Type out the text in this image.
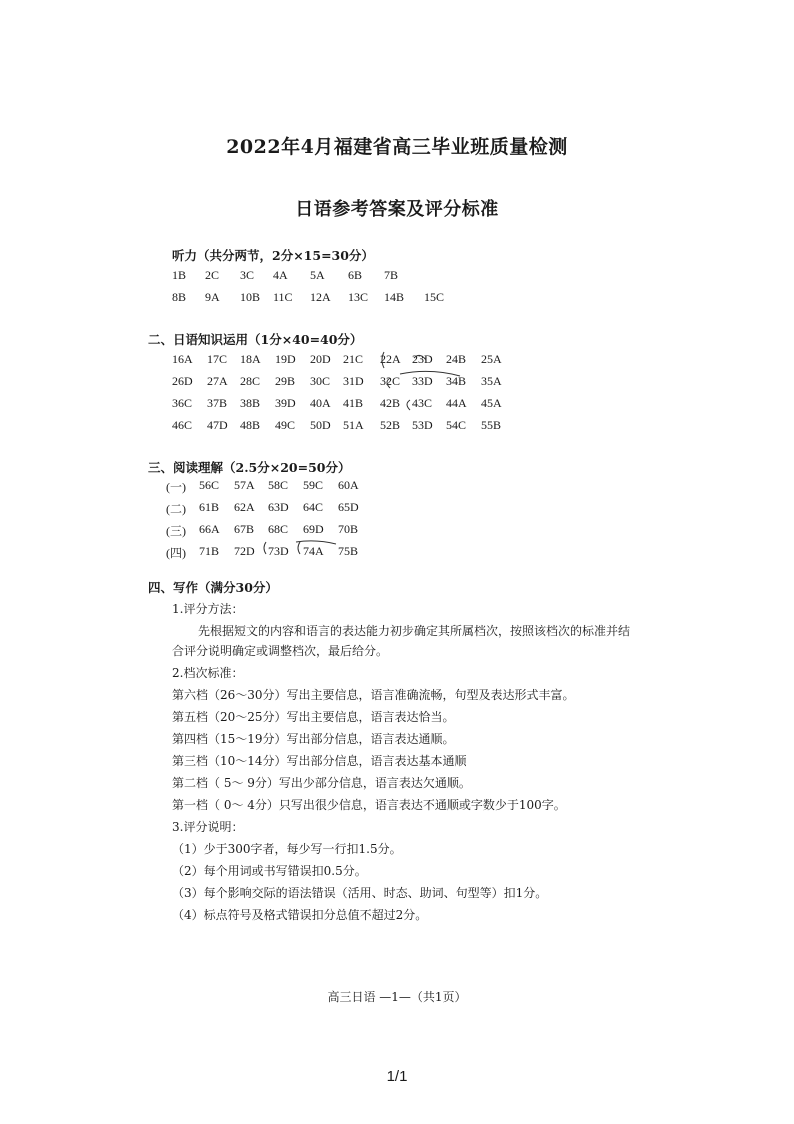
2022年4月福建省高三毕业班质量检测
日语参考答案及评分标准
听力（共分两节，2分×15=30分）
1B 2C 3C 4A 5A 6B 7B
8B 9A 10B 11C 12A 13C 14B 15C
二、日语知识运用（1分×40=40分）
16A 17C 18A 19D 20D 21C 22A 23D 24B 25A
26D 27A 28C 29B 30C 31D 32C 33D 34B 35A
36C 37B 38B 39D 40A 41B 42B 43C 44A 45A
46C 47D 48B 49C 50D 51A 52B 53D 54C 55B
三、阅读理解（2.5分×20=50分）
(一) 56C 57A 58C 59C 60A
(二) 61B 62A 63D 64C 65D
(三) 66A 67B 68C 69D 70B
(四) 71B 72D 73D 74A 75B
四、写作（满分30分）
1.评分方法：
先根据短文的内容和语言的表达能力初步确定其所属档次，按照该档次的标准并结
合评分说明确定或调整档次，最后给分。
2.档次标准：
第六档（26～30分）写出主要信息，语言准确流畅，句型及表达形式丰富。
第五档（20～25分）写出主要信息，语言表达恰当。
第四档（15～19分）写出部分信息，语言表达通顺。
第三档（10～14分）写出部分信息，语言表达基本通顺
第二档（ 5～ 9分）写出少部分信息，语言表达欠通顺。
第一档（ 0～ 4分）只写出很少信息，语言表达不通顺或字数少于100字。
3.评分说明：
（1）少于300字者，每少写一行扣1.5分。
（2）每个用词或书写错误扣0.5分。
（3）每个影响交际的语法错误（活用、时态、助词、句型等）扣1分。
（4）标点符号及格式错误扣分总值不超过2分。
高三日语 —1—（共1页）
1/1
